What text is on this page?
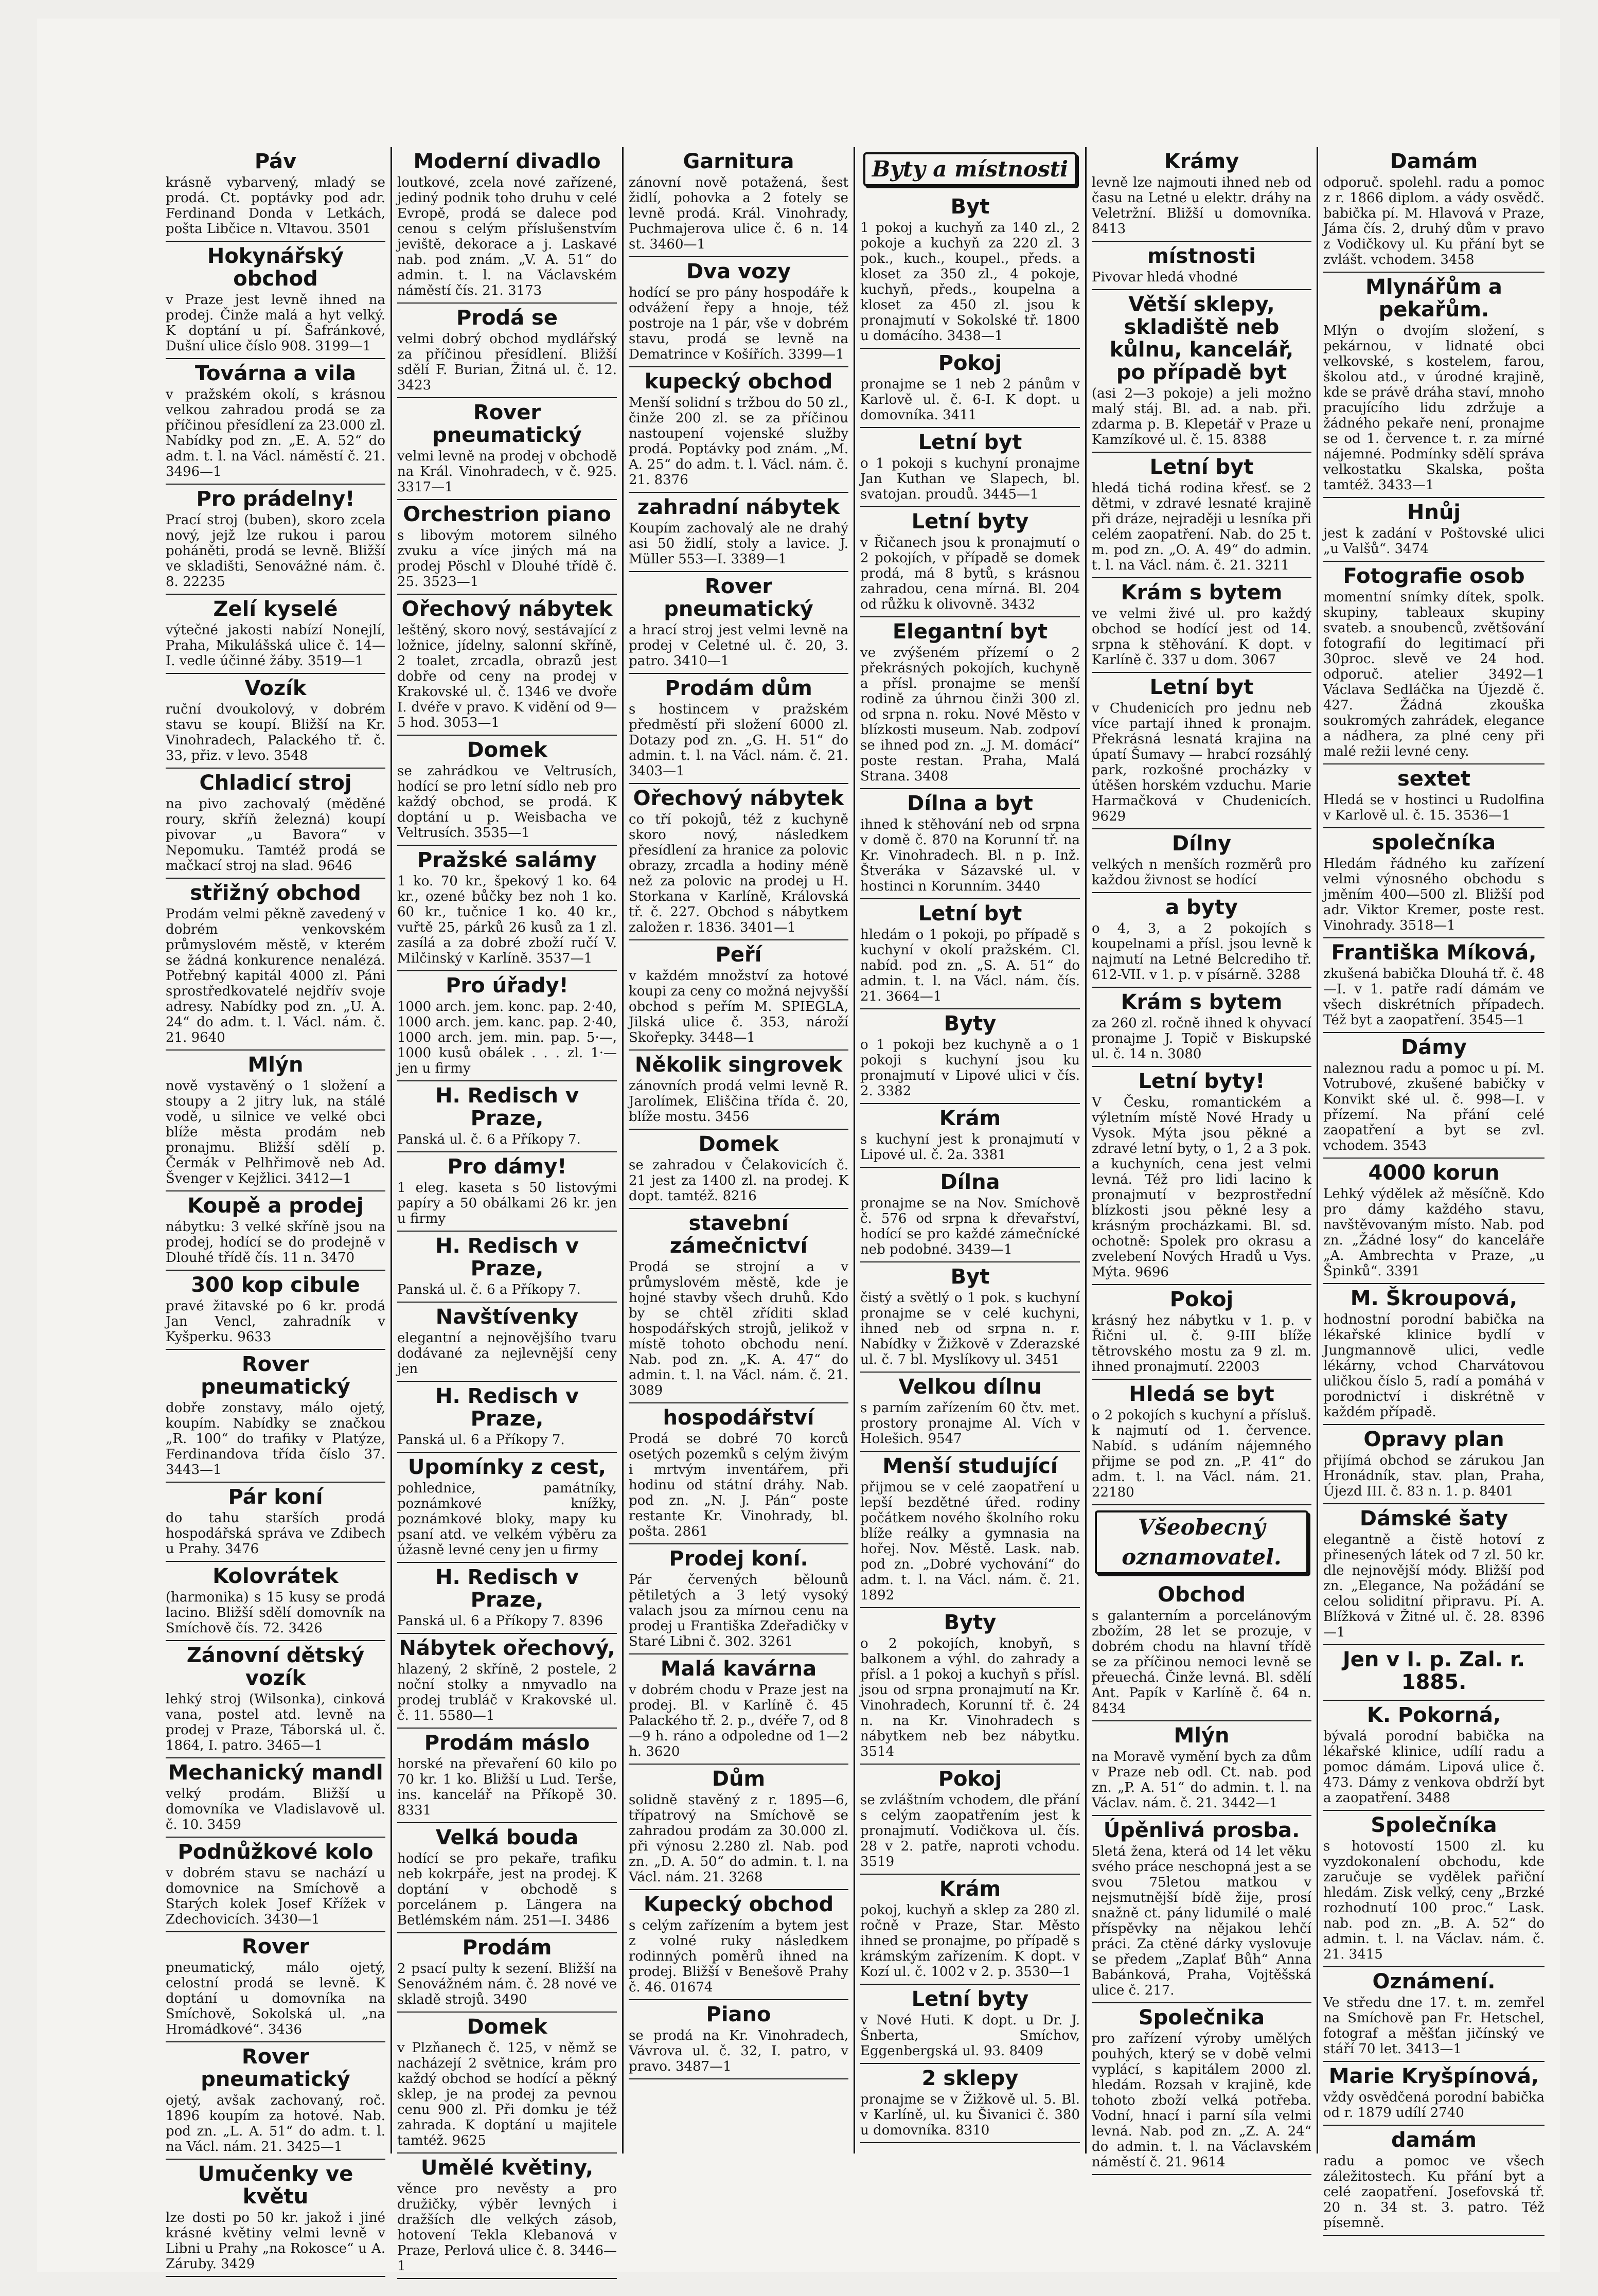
Páv

krásně vybarvený, mladý se prodá. Ct. poptávky pod adr. Ferdinand Donda v Letkách, pošta Libčice n. Vltavou. 3501

Hokynářský obchod

v Praze jest levně ihned na prodej. Činže malá a hyt velký. K doptání u pí. Šafránkové, Dušní ulice číslo 908. 3199—1

Továrna a vila

v pražském okolí, s krásnou velkou zahradou prodá se za příčinou přesídlení za 23.000 zl. Nabídky pod zn. „E. A. 52“ do adm. t. l. na Václ. náměstí č. 21. 3496—1

Pro prádelny!

Prací stroj (buben), skoro zcela nový, jejž lze rukou i parou poháněti, prodá se levně. Bližší ve skladišti, Senovážné nám. č. 8. 22235

Zelí kyselé

výtečné jakosti nabízí Nonejlí, Praha, Mikulášská ulice č. 14—I. vedle účinné žáby. 3519—1

Vozík

ruční dvoukolový, v dobrém stavu se koupí. Bližší na Kr. Vinohradech, Palackého tř. č. 33, přiz. v levo. 3548

Chladicí stroj

na pivo zachovalý (měděné roury, skříň železná) koupí pivovar „u Bavora“ v Nepomuku. Tamtéž prodá se mačkací stroj na slad. 9646

střižný obchod

Prodám velmi pěkně zavedený v dobrém venkovském průmyslovém městě, v kterém se žádná konkurence nenalézá. Potřebný kapitál 4000 zl. Páni sprostředkovatelé nejdřív svoje adresy. Nabídky pod zn. „U. A. 24“ do adm. t. l. Václ. nám. č. 21. 9640

Mlýn

nově vystavěný o 1 složení a stoupy a 2 jitry luk, na stálé vodě, u silnice ve velké obci blíže města prodám neb pronajmu. Bližší sdělí p. Čermák v Pelhřimově neb Ad. Švenger v Kejžlici. 3412—1

Koupě a prodej

nábytku: 3 velké skříně jsou na prodej, hodící se do prodejně v Dlouhé třídě čís. 11 n. 3470

300 kop cibule

pravé žitavské po 6 kr. prodá Jan Vencl, zahradník v Kyšperku. 9633

Rover pneumatický

dobře zonstavy, málo ojetý, koupím. Nabídky se značkou „R. 100“ do trafiky v Platýze, Ferdinandova třída číslo 37. 3443—1

Pár koní

do tahu starších prodá hospodářská správa ve Zdibech u Prahy. 3476

Kolovrátek

(harmonika) s 15 kusy se prodá lacino. Bližší sdělí domovník na Smíchově čís. 72. 3426

Zánovní dětský vozík

lehký stroj (Wilsonka), cinková vana, postel atd. levně na prodej v Praze, Táborská ul. č. 1864, I. patro. 3465—1

Mechanický mandl

velký prodám. Bližší u domovníka ve Vladislavově ul. č. 10. 3459

Podnůžkové kolo

v dobrém stavu se nachází u domovnice na Smíchově a Starých kolek Josef Křížek v Zdechovicích. 3430—1

Rover

pneumatický, málo ojetý, celostní prodá se levně. K doptání u domovníka na Smíchově, Sokolská ul. „na Hromádkové“. 3436

Rover pneumatický

ojetý, avšak zachovaný, roč. 1896 koupím za hotové. Nab. pod zn. „L. A. 51“ do adm. t. l. na Václ. nám. 21. 3425—1

Umučenky ve květu

lze dosti po 50 kr. jakož i jiné krásné květiny velmi levně v Libni u Prahy „na Rokosce“ u A. Záruby. 3429

Moderní divadlo

loutkové, zcela nové zařízené, jediný podnik toho druhu v celé Evropě, prodá se dalece pod cenou s celým příslušenstvím jeviště, dekorace a j. Laskavé nab. pod znám. „V. A. 51“ do admin. t. l. na Václavském náměstí čís. 21. 3173

Prodá se

velmi dobrý obchod mydlářský za příčinou přesídlení. Bližší sdělí F. Burian, Žitná ul. č. 12. 3423

Rover pneumatický

velmi levně na prodej v obchodě na Král. Vinohradech, v č. 925. 3317—1

Orchestrion piano

s libovým motorem silného zvuku a více jiných má na prodej Pöschl v Dlouhé třídě č. 25. 3523—1

Ořechový nábytek

leštěný, skoro nový, sestávající z ložnice, jídelny, salonní skříně, 2 toalet, zrcadla, obrazů jest dobře od ceny na prodej v Krakovské ul. č. 1346 ve dvoře I. dvéře v pravo. K vidění od 9—5 hod. 3053—1

Domek

se zahrádkou ve Veltrusích, hodící se pro letní sídlo neb pro každý obchod, se prodá. K doptání u p. Weisbacha ve Veltrusích. 3535—1

Pražské salámy

1 ko. 70 kr., špekový 1 ko. 64 kr., ozené bůčky bez noh 1 ko. 60 kr., tučnice 1 ko. 40 kr., vuřtě 25, párků 26 kusů za 1 zl. zasílá a za dobré zboží ručí V. Milčinský v Karlíně. 3537—1

Pro úřady!

1000 arch. jem. konc. pap. 2·40, 1000 arch. jem. kanc. pap. 2·40, 1000 arch. jem. min. pap. 5·—, 1000 kusů obálek . . . zl. 1·— jen u firmy

H. Redisch v Praze,

Panská ul. č. 6 a Příkopy 7.

Pro dámy!

1 eleg. kaseta s 50 listovými papíry a 50 obálkami 26 kr. jen u firmy

H. Redisch v Praze,

Panská ul. č. 6 a Příkopy 7.

Navštívenky

elegantní a nejnovějšího tvaru dodávané za nejlevnější ceny jen

H. Redisch v Praze,

Panská ul. 6 a Příkopy 7.

Upomínky z cest,

pohlednice, památníky, poznámkové knížky, poznámkové bloky, mapy ku psaní atd. ve velkém výběru za úžasně levné ceny jen u firmy

H. Redisch v Praze,

Panská ul. 6 a Příkopy 7. 8396

Nábytek ořechový,

hlazený, 2 skříně, 2 postele, 2 noční stolky a nmyvadlo na prodej trubláč v Krakovské ul. č. 11. 5580—1

Prodám máslo

horské na převaření 60 kilo po 70 kr. 1 ko. Bližší u Lud. Terše, ins. kancelář na Příkopě 30. 8331

Velká bouda

hodící se pro pekaře, trafiku neb kokrpáře, jest na prodej. K doptání v obchodě s porcelánem p. Längera na Betlémském nám. 251—I. 3486

Prodám

2 psací pulty k sezení. Bližší na Senovážném nám. č. 28 nové ve skladě strojů. 3490

Domek

v Plzňanech č. 125, v němž se nacházejí 2 světnice, krám pro každý obchod se hodící a pěkný sklep, je na prodej za pevnou cenu 900 zl. Při domku je též zahrada. K doptání u majitele tamtéž. 9625

Umělé květiny,

věnce pro nevěsty a pro družičky, výběr levných i dražších dle velkých zásob, hotovení Tekla Klebanová v Praze, Perlová ulice č. 8. 3446—1

Garnitura

zánovní nově potažená, šest židlí, pohovka a 2 fotely se levně prodá. Král. Vinohrady, Puchmajerova ulice č. 6 n. 14 st. 3460—1

Dva vozy

hodící se pro pány hospodáře k odvážení řepy a hnoje, též postroje na 1 pár, vše v dobrém stavu, prodá se levně na Dematrince v Košířích. 3399—1

kupecký obchod

Menší solidní s tržbou do 50 zl., činže 200 zl. se za příčinou nastoupení vojenské služby prodá. Poptávky pod znám. „M. A. 25“ do adm. t. l. Václ. nám. č. 21. 8376

zahradní nábytek

Koupím zachovalý ale ne drahý asi 50 židlí, stoly a lavice. J. Müller 553—I. 3389—1

Rover pneumatický

a hrací stroj jest velmi levně na prodej v Celetné ul. č. 20, 3. patro. 3410—1

Prodám dům

s hostincem v pražském předměstí při složení 6000 zl. Dotazy pod zn. „G. H. 51“ do admin. t. l. na Václ. nám. č. 21. 3403—1

Ořechový nábytek

co tří pokojů, též z kuchyně skoro nový, následkem přesídlení za hranice za polovic obrazy, zrcadla a hodiny méně než za polovic na prodej u H. Storkana v Karlíně, Královská tř. č. 227. Obchod s nábytkem založen r. 1836. 3401—1

Peří

v každém množství za hotové koupi za ceny co možná nejvyšší obchod s peřím M. SPIEGLA, Jilská ulice č. 353, nároží Skořepky. 3448—1

Několik singrovek

zánovních prodá velmi levně R. Jarolímek, Eliščina třída č. 20, blíže mostu. 3456

Domek

se zahradou v Čelakovicích č. 21 jest za 1400 zl. na prodej. K dopt. tamtéž. 8216

stavební zámečnictví

Prodá se strojní a v průmyslovém městě, kde je hojné stavby všech druhů. Kdo by se chtěl zříditi sklad hospodářských strojů, jelikož v místě tohoto obchodu není. Nab. pod zn. „K. A. 47“ do admin. t. l. na Václ. nám. č. 21. 3089

hospodářství

Prodá se dobré 70 korců osetých pozemků s celým živým i mrtvým inventářem, při hodinu od státní dráhy. Nab. pod zn. „N. J. Pán“ poste restante Kr. Vinohrady, bl. pošta. 2861

Prodej koní.

Pár červených bělounů pětiletých a 3 letý vysoký valach jsou za mírnou cenu na prodej u Františka Zdeřadičky v Staré Libni č. 302. 3261

Malá kavárna

v dobrém chodu v Praze jest na prodej. Bl. v Karlíně č. 45 Palackého tř. 2. p., dvéře 7, od 8—9 h. ráno a odpoledne od 1—2 h. 3620

Dům

solidně stavěný z r. 1895—6, třípatrový na Smíchově se zahradou prodám za 30.000 zl. při výnosu 2.280 zl. Nab. pod zn. „D. A. 50“ do admin. t. l. na Václ. nám. 21. 3268

Kupecký obchod

s celým zařízením a bytem jest z volné ruky následkem rodinných poměrů ihned na prodej. Bližší v Benešově Prahy č. 46. 01674

Piano

se prodá na Kr. Vinohradech, Vávrova ul. č. 32, I. patro, v pravo. 3487—1

Byty a místnosti
Byt

1 pokoj a kuchyň za 140 zl., 2 pokoje a kuchyň za 220 zl. 3 pok., kuch., koupel., předs. a kloset za 350 zl., 4 pokoje, kuchyň, předs., koupelna a kloset za 450 zl. jsou k pronajmutí v Sokolské tř. 1800 u domácího. 3438—1

Pokoj

pronajme se 1 neb 2 pánům v Karlově ul. č. 6-I. K dopt. u domovníka. 3411

Letní byt

o 1 pokoji s kuchyní pronajme Jan Kuthan ve Slapech, bl. svatojan. proudů. 3445—1

Letní byty

v Řičanech jsou k pronajmutí o 2 pokojích, v případě se domek prodá, má 8 bytů, s krásnou zahradou, cena mírná. Bl. 204 od růžku k olivovně. 3432

Elegantní byt

ve zvýšeném přízemí o 2 překrásných pokojích, kuchyně a přísl. pronajme se menší rodině za úhrnou činži 300 zl. od srpna n. roku. Nové Město v blízkosti museum. Nab. zodpoví se ihned pod zn. „J. M. domácí“ poste restan. Praha, Malá Strana. 3408

Dílna a byt

ihned k stěhování neb od srpna v domě č. 870 na Korunní tř. na Kr. Vinohradech. Bl. n p. Inž. Štveráka v Sázavské ul. v hostinci n Korunním. 3440

Letní byt

hledám o 1 pokoji, po případě s kuchyní v okolí pražském. Cl. nabíd. pod zn. „S. A. 51“ do admin. t. l. na Václ. nám. čís. 21. 3664—1

Byty

o 1 pokoji bez kuchyně a o 1 pokoji s kuchyní jsou ku pronajmutí v Lipové ulici v čís. 2. 3382

Krám

s kuchyní jest k pronajmutí v Lipové ul. č. 2a. 3381

Dílna

pronajme se na Nov. Smíchově č. 576 od srpna k dřevařství, hodící se pro každé zámečnícké neb podobné. 3439—1

Byt

čistý a světlý o 1 pok. s kuchyní pronajme se v celé kuchyni, ihned neb od srpna n. r. Nabídky v Žižkově v Zderazské ul. č. 7 bl. Myslíkovy ul. 3451

Velkou dílnu

s parním zařízením 60 čtv. met. prostory pronajme Al. Vích v Holešich. 9547

Menší studující

přijmou se v celé zaopatření u lepší bezdětné úřed. rodiny počátkem nového školního roku blíže reálky a gymnasia na hořej. Nov. Městě. Lask. nab. pod zn. „Dobré vychování“ do adm. t. l. na Václ. nám. č. 21. 1892

Byty

o 2 pokojích, knobyň, s balkonem a výhl. do zahrady a přísl. a 1 pokoj a kuchyň s přísl. jsou od srpna pronajmutí na Kr. Vinohradech, Korunní tř. č. 24 n. na Kr. Vinohradech s nábytkem neb bez nábytku. 3514

Pokoj

se zvláštním vchodem, dle přání s celým zaopatřením jest k pronajmutí. Vodičkova ul. čís. 28 v 2. patře, naproti vchodu. 3519

Krám

pokoj, kuchyň a sklep za 280 zl. ročně v Praze, Star. Město ihned se pronajme, po případě s krámským zařízením. K dopt. v Kozí ul. č. 1002 v 2. p. 3530—1

Letní byty

v Nové Huti. K dopt. u Dr. J. Šnberta, Smíchov, Eggenbergská ul. 93. 8409

2 sklepy

pronajme se v Žižkově ul. 5. Bl. v Karlíně, ul. ku Šivanici č. 380 u domovníka. 8310

Krámy

levně lze najmouti ihned neb od času na Letné u elektr. dráhy na Veletržní. Bližší u domovníka. 8413

místnosti

Pivovar hledá vhodné

Větší sklepy, skladiště neb kůlnu, kancelář, po případě byt

(asi 2—3 pokoje) a jeli možno malý stáj. Bl. ad. a nab. při. zdarma p. B. Klepetář v Praze u Kamzíkové ul. č. 15. 8388

Letní byt

hledá tichá rodina křesť. se 2 dětmi, v zdravé lesnaté krajině při dráze, nejraději u lesníka při celém zaopatření. Nab. do 25 t. m. pod zn. „O. A. 49“ do admin. t. l. na Václ. nám. č. 21. 3211

Krám s bytem

ve velmi živé ul. pro každý obchod se hodící jest od 14. srpna k stěhování. K dopt. v Karlíně č. 337 u dom. 3067

Letní byt

v Chudenicích pro jednu neb více partají ihned k pronajm. Překrásná lesnatá krajina na úpatí Šumavy — hrabcí rozsáhlý park, rozkošné procházky v útěšen horském vzduchu. Marie Harmačková v Chudenicích. 9629

Dílny

velkých n menších rozměrů pro každou živnost se hodící

a byty

o 4, 3, a 2 pokojích s koupelnami a přísl. jsou levně k najmutí na Letné Belcrediho tř. 612-VII. v 1. p. v písárně. 3288

Krám s bytem

za 260 zl. ročně ihned k ohyvací pronajme J. Topič v Biskupské ul. č. 14 n. 3080

Letní byty!

V Česku, romantickém a výletním místě Nové Hrady u Vysok. Mýta jsou pěkné a zdravé letní byty, o 1, 2 a 3 pok. a kuchyních, cena jest velmi levná. Též pro lidi lacino k pronajmutí v bezprostřední blízkosti jsou pěkné lesy a krásným procházkami. Bl. sd. ochotně: Spolek pro okrasu a zvelebení Nových Hradů u Vys. Mýta. 9696

Pokoj

krásný hez nábytku v 1. p. v Řični ul. č. 9-III blíže tětrovského mostu za 9 zl. m. ihned pronajmutí. 22003

Hledá se byt

o 2 pokojích s kuchyní a přísluš. k najmutí od 1. července. Nabíd. s udáním nájemného přijme se pod zn. „P. 41“ do adm. t. l. na Václ. nám. 21. 22180

Všeobecný oznamovatel.
Obchod

s galanterním a porcelánovým zbožím, 28 let se prozuje, v dobrém chodu na hlavní třídě se za příčinou nemoci levně se přeuechá. Činže levná. Bl. sdělí Ant. Papík v Karlíně č. 64 n. 8434

Mlýn

na Moravě vymění bych za dům v Praze neb odl. Ct. nab. pod zn. „P. A. 51“ do admin. t. l. na Václav. nám. č. 21. 3442—1

Úpěnlivá prosba.

5letá žena, která od 14 let věku svého práce neschopná jest a se svou 75letou matkou v nejsmutnější bídě žije, prosí snažně ct. pány lidumilé o malé příspěvky na nějakou lehčí práci. Za ctěné dárky vyslovuje se předem „Zaplať Bůh“ Anna Babánková, Praha, Vojtěšská ulice č. 217.

Společnika

pro zařízení výroby umělých pouhých, který se v době velmi vyplácí, s kapitálem 2000 zl. hledám. Rozsah v krajině, kde tohoto zboží velká potřeba. Vodní, hnací i parní síla velmi levná. Nab. pod zn. „Z. A. 24“ do admin. t. l. na Václavském náměstí č. 21. 9614

Damám

odporuč. spolehl. radu a pomoc z r. 1866 diplom. a vády osvědč. babička pí. M. Hlavová v Praze, Jáma čís. 2, druhý dům v pravo z Vodičkovy ul. Ku přání byt se zvlášt. vchodem. 3458

Mlynářům a pekařům.

Mlýn o dvojím složení, s pekárnou, v lidnaté obci velkovské, s kostelem, farou, školou atd., v úrodné krajině, kde se právě dráha staví, mnoho pracujícího lidu zdržuje a žádného pekaře není, pronajme se od 1. července t. r. za mírné nájemné. Podmínky sdělí správa velkostatku Skalska, pošta tamtéž. 3433—1

Hnůj

jest k zadání v Poštovské ulici „u Valšů“. 3474

Fotografie osob

momentní snímky dítek, spolk. skupiny, tableaux skupiny svateb. a snoubenců, zvětšování fotografií do legitimací při 30proc. slevě ve 24 hod. odporuč. atelier 3492—1 Václava Sedláčka na Újezdě č. 427. Žádná zkouška soukromých zahrádek, elegance a nádhera, za plné ceny při malé režii levné ceny.

sextet

Hledá se v hostinci u Rudolfina v Karlově ul. č. 15. 3536—1

společníka

Hledám řádného ku zařízení velmi výnosného obchodu s jměním 400—500 zl. Bližší pod adr. Viktor Kremer, poste rest. Vinohrady. 3518—1

Františka Míková,

zkušená babička Dlouhá tř. č. 48—I. v 1. patře radí dámám ve všech diskrétních případech. Též byt a zaopatření. 3545—1

Dámy

naleznou radu a pomoc u pí. M. Votrubové, zkušené babičky v Konvikt ské ul. č. 998—I. v přízemí. Na přání celé zaopatření a byt se zvl. vchodem. 3543

4000 korun

Lehký výdělek až měsíčně. Kdo pro dámy každého stavu, navštěvovaným místo. Nab. pod zn. „Žádné losy“ do kanceláře „A. Ambrechta v Praze, „u Špinků“. 3391

M. Škroupová,

hodnostní porodní babička na lékařské klinice bydlí v Jungmannově ulici, vedle lékárny, vchod Charvátovou uličkou číslo 5, radí a pomáhá v porodnictví i diskrétně v každém případě.

Opravy plan

přijímá obchod se zárukou Jan Hronádník, stav. plan, Praha, Újezd III. č. 83 n. 1. p. 8401

Dámské šaty

elegantně a čistě hotoví z přinesených látek od 7 zl. 50 kr. dle nejnovější módy. Bližší pod zn. „Elegance, Na požádání se celou soliditní připravu. Pí. A. Blížková v Žitné ul. č. 28. 8396—1

Jen v I. p. Zal. r. 1885.

K. Pokorná,

bývalá porodní babička na lékařské klinice, udílí radu a pomoc dámám. Lipová ulice č. 473. Dámy z venkova obdrží byt a zaopatření. 3488

Společníka

s hotovostí 1500 zl. ku vyzdokonalení obchodu, kde zaručuje se vydělek pařiční hledám. Zisk velký, ceny „Brzké rozhodnutí 100 proc.“ Lask. nab. pod zn. „B. A. 52“ do admin. t. l. na Václav. nám. č. 21. 3415

Oznámení.

Ve středu dne 17. t. m. zemřel na Smíchově pan Fr. Hetschel, fotograf a měšťan jičínský ve stáří 70 let. 3413—1

Marie Kryšpínová,

vždy osvědčená porodní babička od r. 1879 udílí 2740

damám

radu a pomoc ve všech záležitostech. Ku přání byt a celé zaopatření. Josefovská tř. 20 n. 34 st. 3. patro. Též písemně.
